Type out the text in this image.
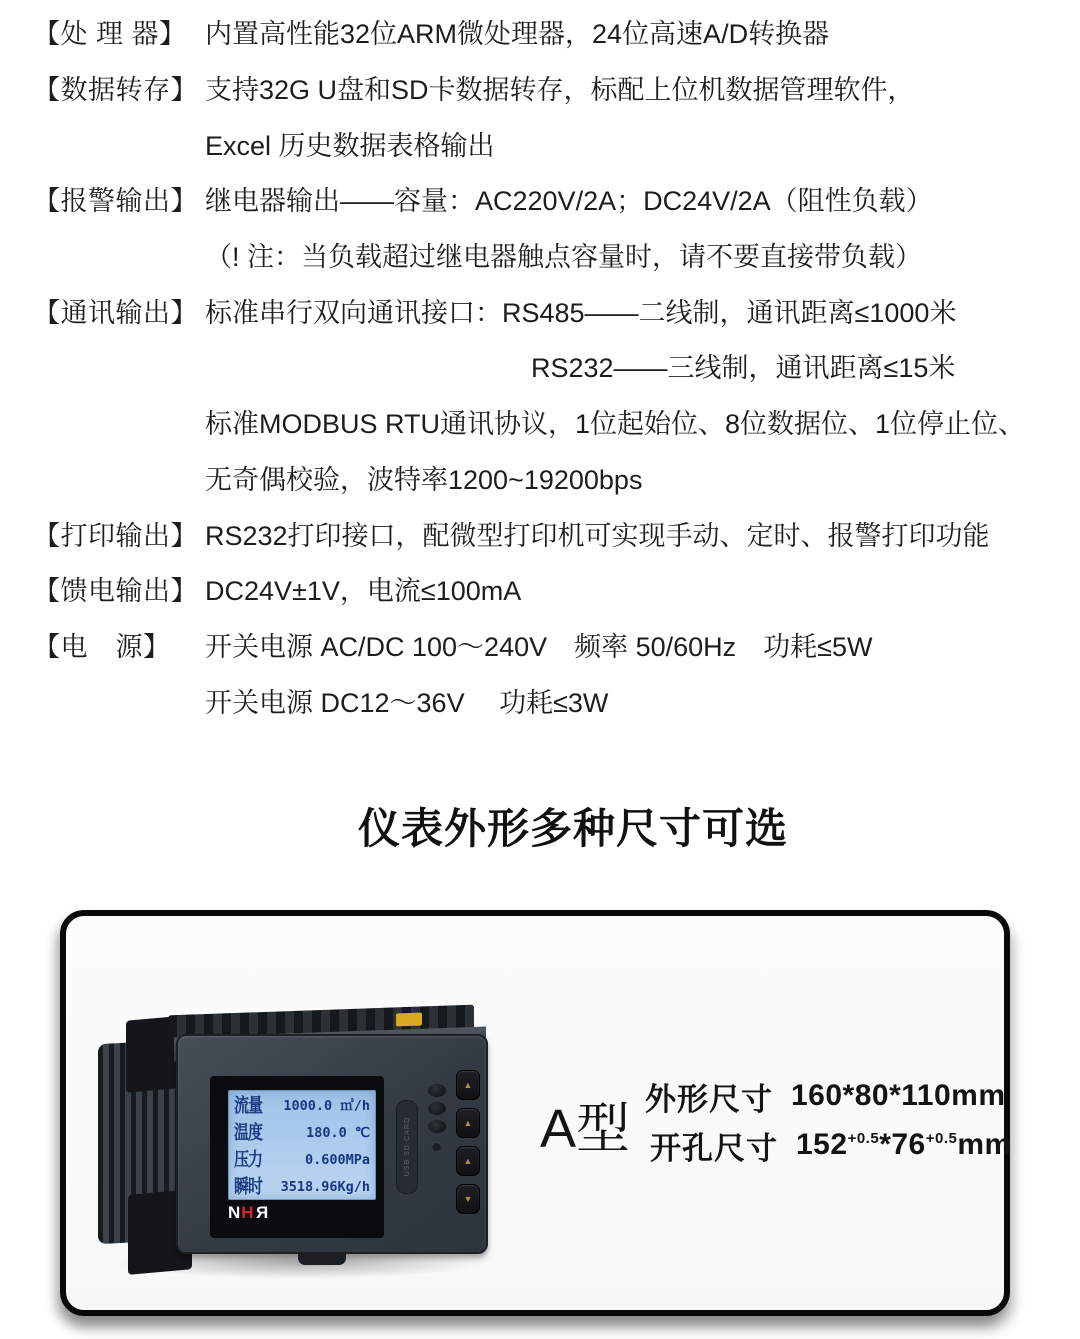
【处 理 器】 内置高性能32位ARM微处理器，24位高速A/D转换器
【数据转存】 支持32G U盘和SD卡数据转存，标配上位机数据管理软件，
Excel 历史数据表格输出
【报警输出】 继电器输出——容量：AC220V/2A；DC24V/2A（阻性负载）
（! 注：当负载超过继电器触点容量时，请不要直接带负载）
【通讯输出】 标准串行双向通讯接口：RS485——二线制，通讯距离≤1000米
RS232——三线制，通讯距离≤15米
标准MODBUS RTU通讯协议，1位起始位、8位数据位、1位停止位、
无奇偶校验，波特率1200~19200bps
【打印输出】 RS232打印接口，配微型打印机可实现手动、定时、报警打印功能
【馈电输出】 DC24V±1V，电流≤100mA
【电　源】	开关电源 AC/DC 100～240V　频率 50/60Hz　功耗≤5W
开关电源 DC12～36V　 功耗≤3W
仪表外形多种尺寸可选
流量 1000.0 ㎥/h
温度	180.0 ℃
压力	0.600MPa
瞬时 3518.96Kg/h
NHR
USB SD-CARD
▲
▲
▲
▼
A型 外形尺寸 160*80*110mm
开孔尺寸 $152^{+0.5}*76^{+0.5}mm$
